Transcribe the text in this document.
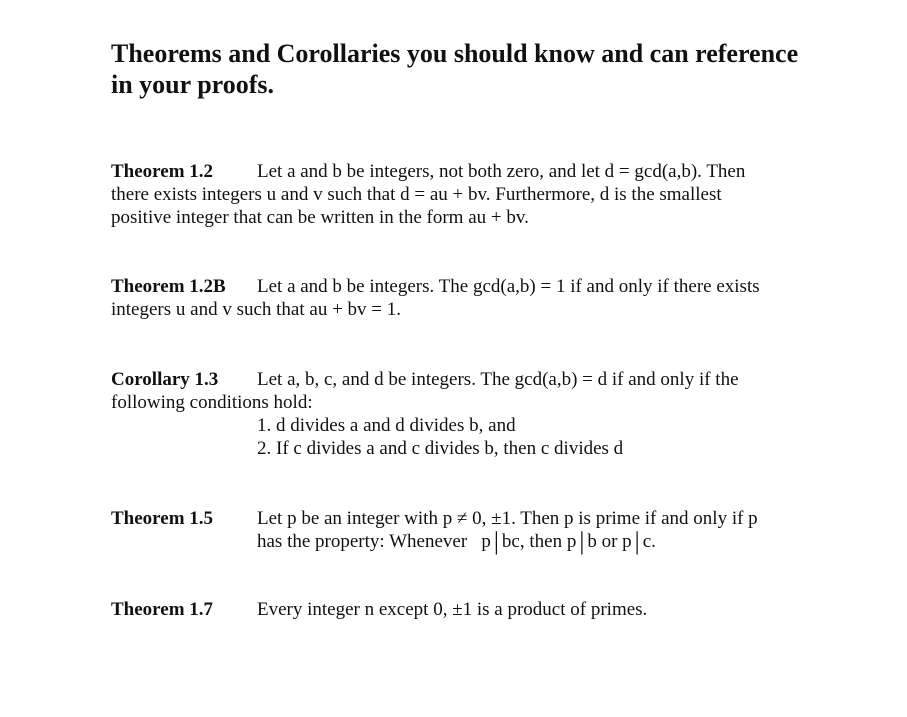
Theorems and Corollaries you should know and can reference in your proofs.
Theorem 1.2 Let a and b be integers, not both zero, and let d = gcd(a,b). Then
there exists integers u and v such that d = au + bv. Furthermore, d is the smallest
positive integer that can be written in the form au + bv.
Theorem 1.2B Let a and b be integers. The gcd(a,b) = 1 if and only if there exists
integers u and v such that au + bv = 1.
Corollary 1.3 Let a, b, c, and d be integers. The gcd(a,b) = d if and only if the
following conditions hold:
1. d divides a and d divides b, and
2. If c divides a and c divides b, then c divides d
Theorem 1.5 Let p be an integer with p ≠ 0, ±1. Then p is prime if and only if p
has the property: Whenever p | bc, then p | b or p | c.
Theorem 1.7 Every integer n except 0, ±1 is a product of primes.
